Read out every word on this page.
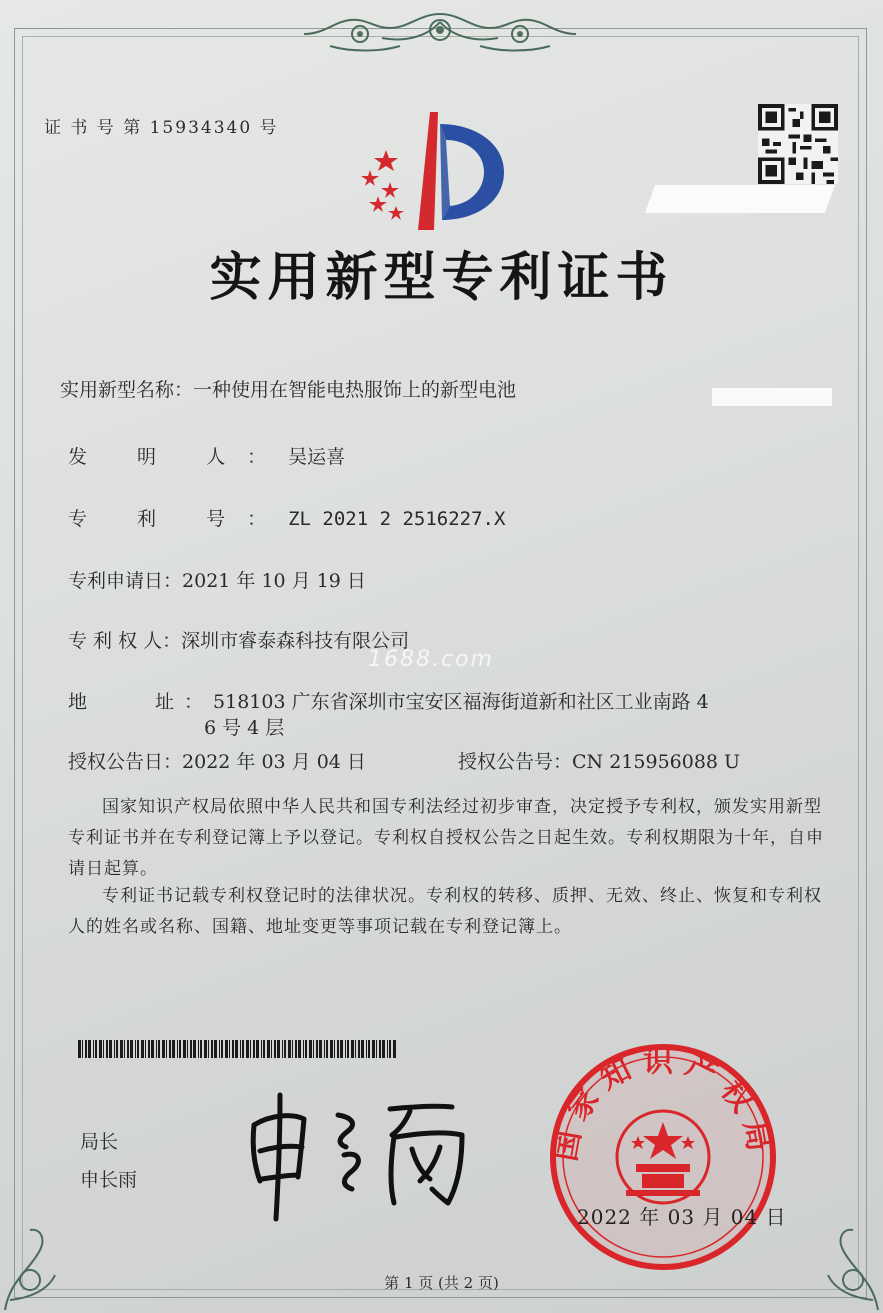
证 书 号 第 15934340 号
实用新型专利证书
实用新型名称：一种使用在智能电热服饰上的新型电池
发 明 人：吴运喜
专 利 号：ZL 2021 2 2516227.X
专利申请日：2021 年 10 月 19 日
专 利 权 人：深圳市睿泰森科技有限公司
1688.com
地　　址：518103 广东省深圳市宝安区福海街道新和社区工业南路 4
6 号 4 层
授权公告日：2022 年 03 月 04 日	授权公告号：CN 215956088 U
国家知识产权局依照中华人民共和国专利法经过初步审查，决定授予专利权，颁发实用新型专利证书并在专利登记簿上予以登记。专利权自授权公告之日起生效。专利权期限为十年，自申请日起算。
专利证书记载专利权登记时的法律状况。专利权的转移、质押、无效、终止、恢复和专利权人的姓名或名称、国籍、地址变更等事项记载在专利登记簿上。
局长
申长雨
国家知识产权局
2022 年 03 月 04 日
第 1 页 (共 2 页)
